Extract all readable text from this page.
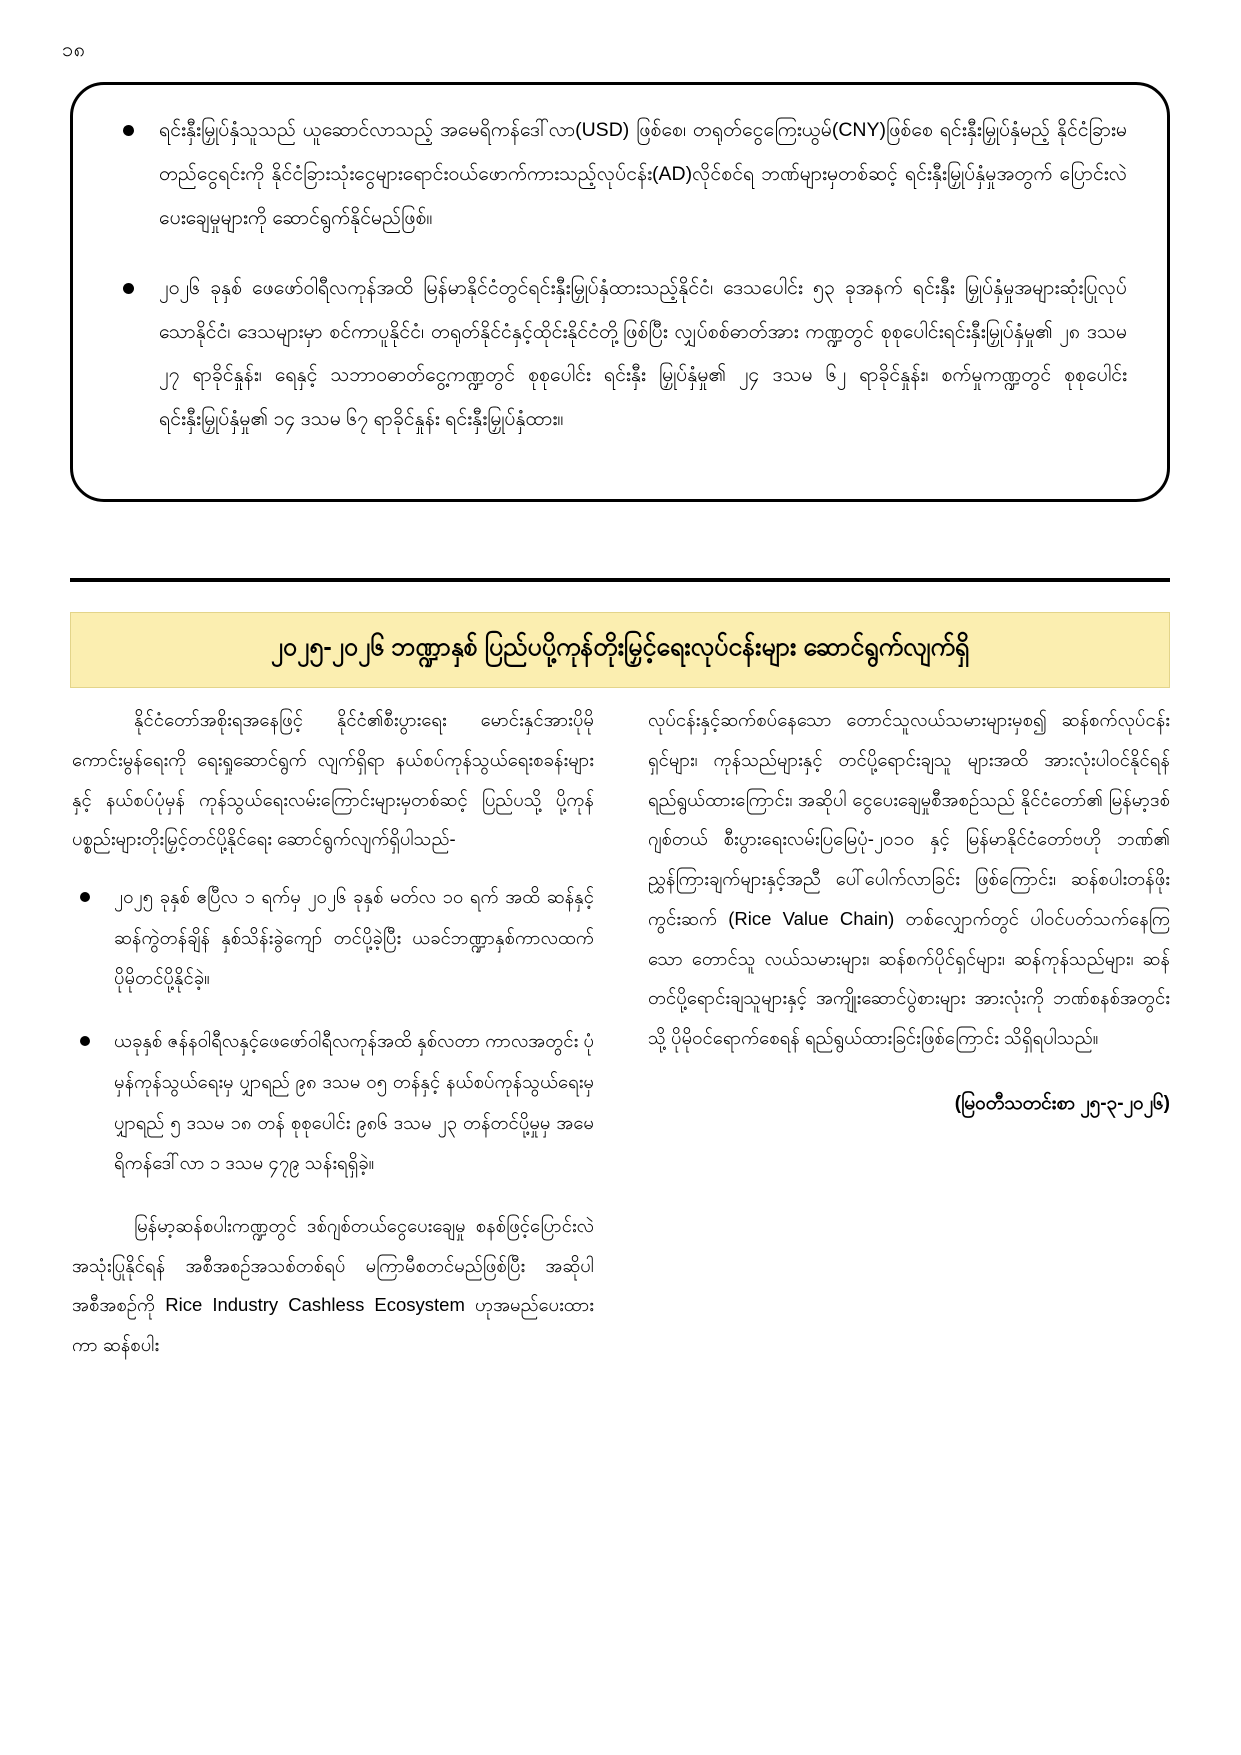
၁၈
ရင်းနှီးမြှုပ်နှံသူသည် ယူဆောင်လာသည့် အမေရိကန်ဒေါ်လာ(USD) ဖြစ်စေ၊ တရုတ်ငွေကြေးယွမ်(CNY)ဖြစ်စေ ရင်းနှီးမြှုပ်နှံမည့် နိုင်ငံခြားမတည်ငွေရင်းကို နိုင်ငံခြားသုံးငွေများရောင်းဝယ်ဖောက်ကားသည့်လုပ်ငန်း(AD)လိုင်စင်ရ ဘဏ်များမှတစ်ဆင့် ရင်းနှီးမြှုပ်နှံမှုအတွက် ပြောင်းလဲပေးချေမှုများကို ဆောင်ရွက်နိုင်မည်ဖြစ်။
၂၀၂၆ ခုနှစ် ဖေဖော်ဝါရီလကုန်အထိ မြန်မာနိုင်ငံတွင်ရင်းနှီးမြှုပ်နှံထားသည့်နိုင်ငံ၊ ဒေသပေါင်း ၅၃ ခုအနက် ရင်းနှီး မြှုပ်နှံမှုအများဆုံးပြုလုပ်သောနိုင်ငံ၊ ဒေသများမှာ စင်ကာပူနိုင်ငံ၊ တရုတ်နိုင်ငံနှင့်ထိုင်းနိုင်ငံတို့ဖြစ်ပြီး လျှပ်စစ်ဓာတ်အား ကဏ္ဍတွင် စုစုပေါင်းရင်းနှီးမြှုပ်နှံမှု၏ ၂၈ ဒသမ ၂၇ ရာခိုင်နှုန်း၊ ရေနှင့် သဘာဝဓာတ်ငွေ့ကဏ္ဍတွင် စုစုပေါင်း ရင်းနှီး မြှုပ်နှံမှု၏ ၂၄ ဒသမ ၆၂ ရာခိုင်နှုန်း၊ စက်မှုကဏ္ဍတွင် စုစုပေါင်းရင်းနှီးမြှုပ်နှံမှု၏ ၁၄ ဒသမ ၆၇ ရာခိုင်နှုန်း ရင်းနှီးမြှုပ်နှံထား။
၂၀၂၅-၂၀၂၆ ဘဏ္ဍာနှစ် ပြည်ပပို့ကုန်တိုးမြှင့်ရေးလုပ်ငန်းများ ဆောင်ရွက်လျက်ရှိ

နိုင်ငံတော်အစိုးရအနေဖြင့် နိုင်ငံ၏စီးပွားရေး မောင်းနှင်အားပိုမိုကောင်းမွန်ရေးကို ရေးရှုဆောင်ရွက် လျက်ရှိရာ နယ်စပ်ကုန်သွယ်ရေးစခန်းများနှင့် နယ်စပ်ပုံမှန် ကုန်သွယ်ရေးလမ်းကြောင်းများမှတစ်ဆင့် ပြည်ပသို့ ပို့ကုန် ပစ္စည်းများတိုးမြှင့်တင်ပို့နိုင်ရေး ဆောင်ရွက်လျက်ရှိပါသည်-

၂၀၂၅ ခုနှစ် ဧပြီလ ၁ ရက်မှ ၂၀၂၆ ခုနှစ် မတ်လ ၁၀ ရက် အထိ ဆန်နှင့်ဆန်ကွဲတန်ချိန် နှစ်သိန်းခွဲကျော် တင်ပို့ခဲ့ပြီး ယခင်ဘဏ္ဍာနှစ်ကာလထက် ပိုမိုတင်ပို့နိုင်ခဲ့။
ယခုနှစ် ဇန်နဝါရီလနှင့်ဖေဖော်ဝါရီလကုန်အထိ နှစ်လတာ ကာလအတွင်း ပုံမှန်ကုန်သွယ်ရေးမှ ပျှာရည် ၉၈ ဒသမ ဝ၅ တန်နှင့် နယ်စပ်ကုန်သွယ်ရေးမှ ပျှာရည် ၅ ဒသမ ၁၈ တန် စုစုပေါင်း ၉၈၆ ဒသမ ၂၃ တန်တင်ပို့မှုမှ အမေရိကန်ဒေါ်လာ ၁ ဒသမ ၄၇၉ သန်းရရှိခဲ့။

မြန်မာ့ဆန်စပါးကဏ္ဍတွင် ဒစ်ဂျစ်တယ်ငွေပေးချေမှု စနစ်ဖြင့်ပြောင်းလဲအသုံးပြုနိုင်ရန် အစီအစဉ်အသစ်တစ်ရပ် မကြာမီစတင်မည်ဖြစ်ပြီး အဆိုပါအစီအစဉ်ကို Rice Industry Cashless Ecosystem ဟုအမည်ပေးထားကာ ဆန်စပါး

လုပ်ငန်းနှင့်ဆက်စပ်နေသော တောင်သူလယ်သမားများမှစ၍ ဆန်စက်လုပ်ငန်းရှင်များ၊ ကုန်သည်များနှင့် တင်ပို့ရောင်းချသူ များအထိ အားလုံးပါဝင်နိုင်ရန် ရည်ရွယ်ထားကြောင်း၊ အဆိုပါ ငွေပေးချေမှုစီအစဉ်သည် နိုင်ငံတော်၏ မြန်မာ့ဒစ်ဂျစ်တယ် စီးပွားရေးလမ်းပြမြေပုံ-၂၀၁၀ နှင့် မြန်မာနိုင်ငံတော်ဗဟို ဘဏ်၏ ညွှန်ကြားချက်များနှင့်အညီ ပေါ်ပေါက်လာခြင်း ဖြစ်ကြောင်း၊ ဆန်စပါးတန်ဖိုးကွင်းဆက် (Rice Value Chain) တစ်လျှောက်တွင် ပါဝင်ပတ်သက်နေကြသော တောင်သူ လယ်သမားများ၊ ဆန်စက်ပိုင်ရှင်များ၊ ဆန်ကုန်သည်များ၊ ဆန်တင်ပို့ရောင်းချသူများနှင့် အကျိုးဆောင်ပွဲစားများ အားလုံးကို ဘဏ်စနစ်အတွင်းသို့ ပိုမိုဝင်ရောက်စေရန် ရည်ရွယ်ထားခြင်းဖြစ်ကြောင်း သိရှိရပါသည်။

(မြဝတီသတင်းစာ ၂၅-၃-၂၀၂၆)
